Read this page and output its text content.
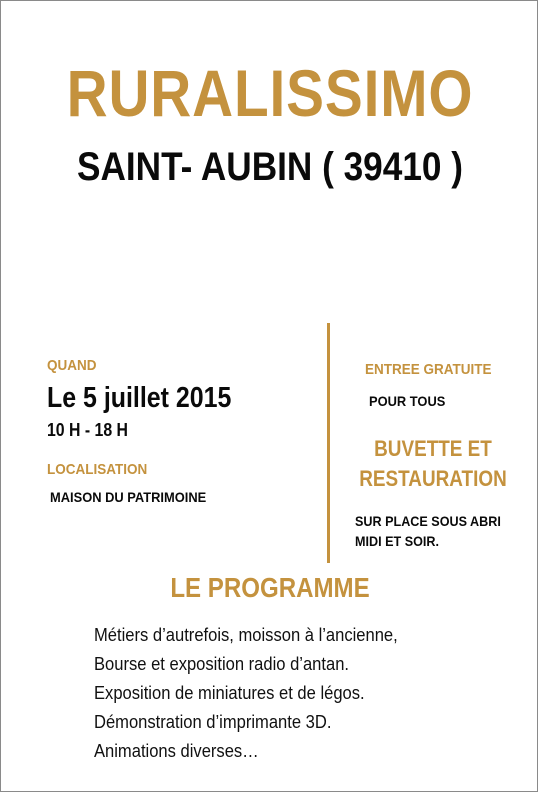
RURALISSIMO
SAINT- AUBIN ( 39410 )
QUAND
Le 5 juillet 2015
10 H - 18 H
LOCALISATION
MAISON DU PATRIMOINE
ENTREE GRATUITE
POUR TOUS
BUVETTE ET
RESTAURATION
SUR PLACE SOUS ABRI
MIDI ET SOIR.
LE PROGRAMME
Métiers d’autrefois, moisson à l’ancienne,
Bourse et exposition radio d’antan.
Exposition de miniatures et de légos.
Démonstration d’imprimante 3D.
Animations diverses…
